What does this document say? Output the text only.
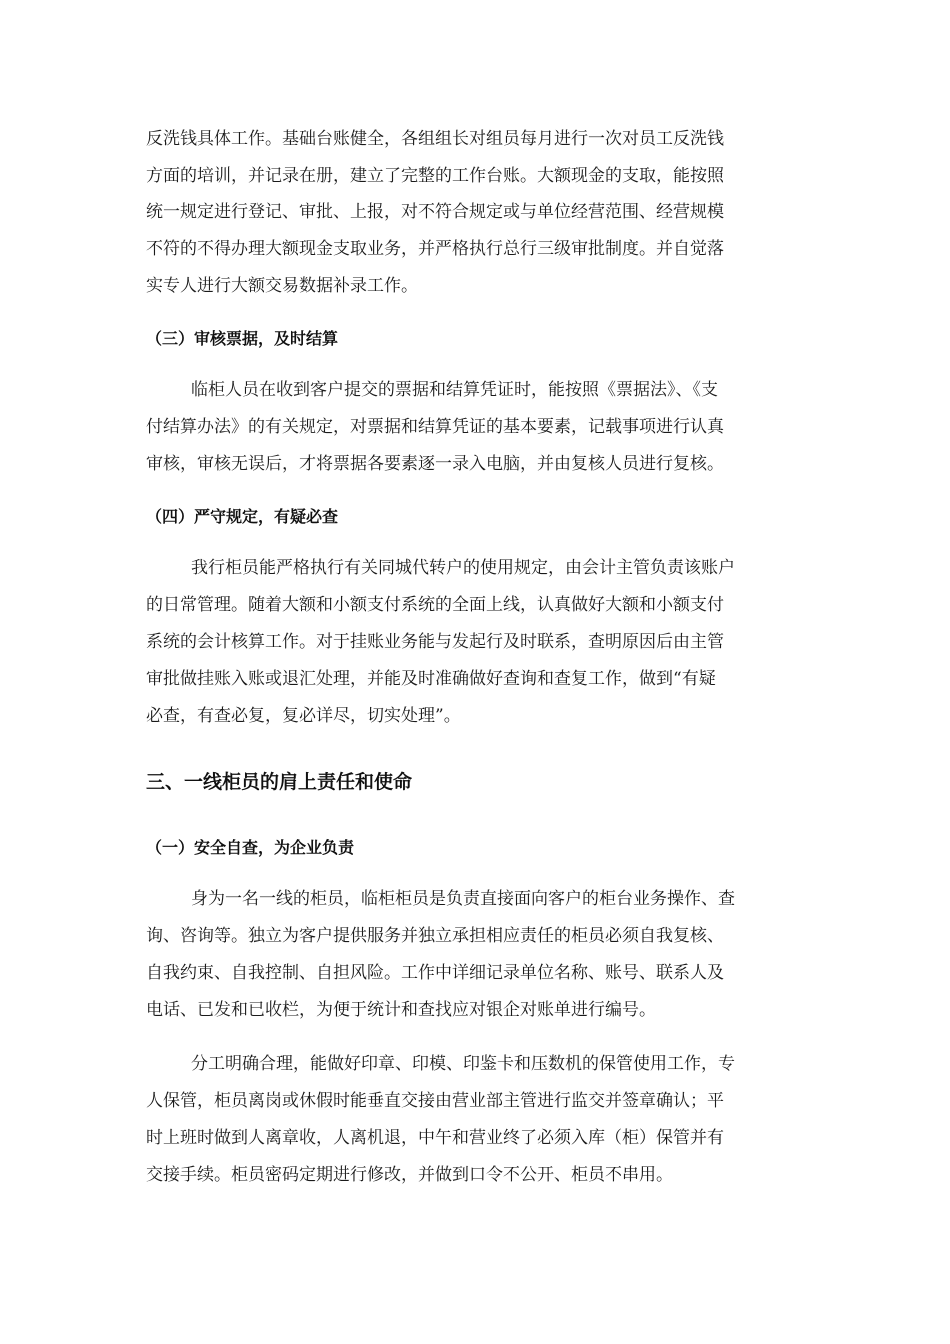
反洗钱具体工作。基础台账健全，各组组长对组员每月进行一次对员工反洗钱

方面的培训，并记录在册，建立了完整的工作台账。大额现金的支取，能按照

统一规定进行登记、审批、上报，对不符合规定或与单位经营范围、经营规模

不符的不得办理大额现金支取业务，并严格执行总行三级审批制度。并自觉落

实专人进行大额交易数据补录工作。

（三）审核票据，及时结算

临柜人员在收到客户提交的票据和结算凭证时，能按照《票据法》、《支

付结算办法》的有关规定，对票据和结算凭证的基本要素，记载事项进行认真

审核，审核无误后，才将票据各要素逐一录入电脑，并由复核人员进行复核。

（四）严守规定，有疑必查

我行柜员能严格执行有关同城代转户的使用规定，由会计主管负责该账户

的日常管理。随着大额和小额支付系统的全面上线，认真做好大额和小额支付

系统的会计核算工作。对于挂账业务能与发起行及时联系，查明原因后由主管

审批做挂账入账或退汇处理，并能及时准确做好查询和查复工作，做到“有疑

必查，有查必复，复必详尽，切实处理”。

三、一线柜员的肩上责任和使命

（一）安全自查，为企业负责

身为一名一线的柜员，临柜柜员是负责直接面向客户的柜台业务操作、查

询、咨询等。独立为客户提供服务并独立承担相应责任的柜员必须自我复核、

自我约束、自我控制、自担风险。工作中详细记录单位名称、账号、联系人及

电话、已发和已收栏，为便于统计和查找应对银企对账单进行编号。

分工明确合理，能做好印章、印模、印鉴卡和压数机的保管使用工作，专

人保管，柜员离岗或休假时能垂直交接由营业部主管进行监交并签章确认；平

时上班时做到人离章收，人离机退，中午和营业终了必须入库（柜）保管并有

交接手续。柜员密码定期进行修改，并做到口令不公开、柜员不串用。
